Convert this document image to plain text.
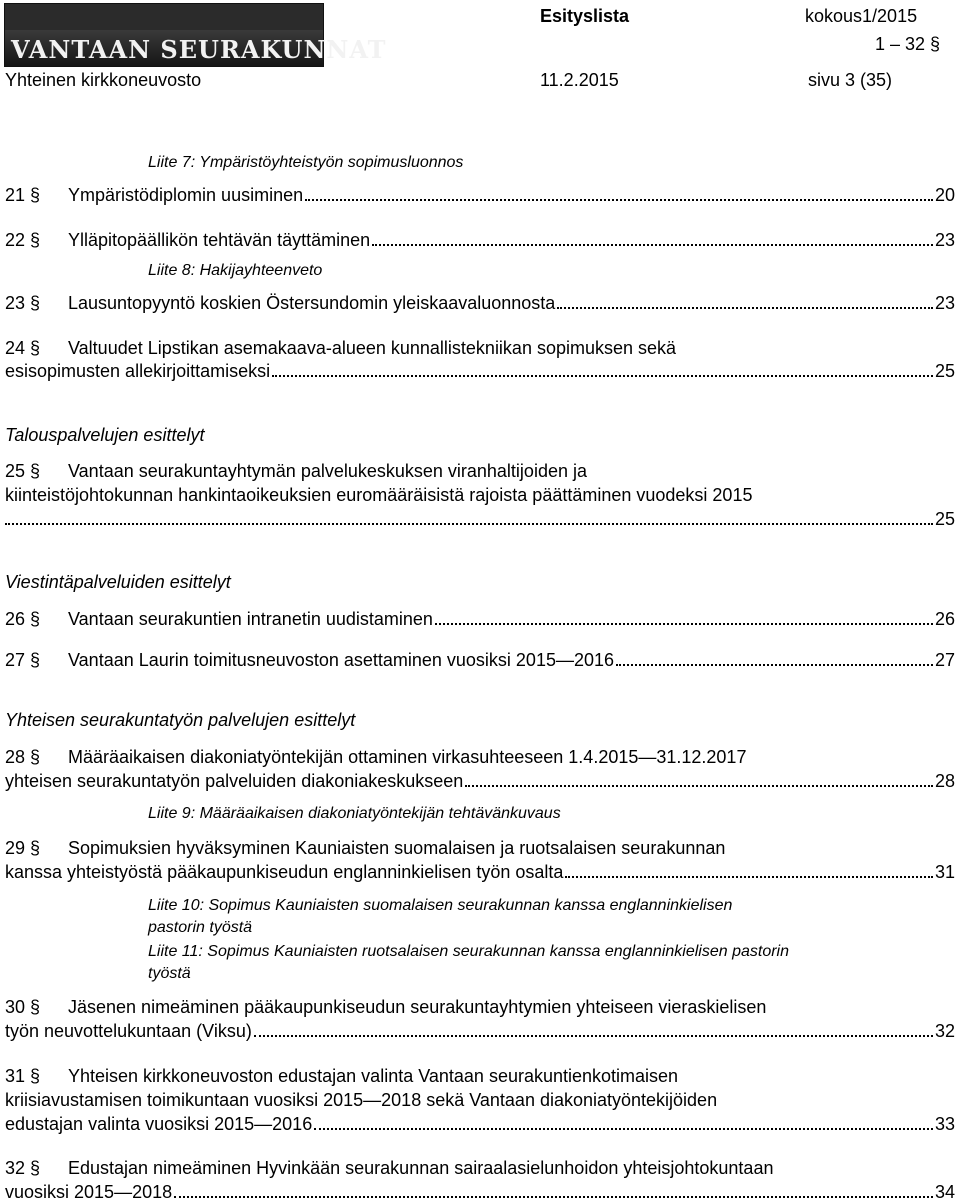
VANTAAN SEURAKUNNAT
Esityslista	kokous1/2015
1 – 32 §
Yhteinen kirkkoneuvosto	11.2.2015	sivu 3 (35)
Liite 7: Ympäristöyhteistyön sopimusluonnos
21 §	Ympäristödiplomin uusiminen	20
22 §	Ylläpitopäällikön tehtävän täyttäminen	23
Liite 8: Hakijayhteenveto
23 §	Lausuntopyyntö koskien Östersundomin yleiskaavaluonnosta	23
24 § Valtuudet Lipstikan asemakaava-alueen kunnallistekniikan sopimuksen sekä
esisopimusten allekirjoittamiseksi	25
Talouspalvelujen esittelyt
25 § Vantaan seurakuntayhtymän palvelukeskuksen viranhaltijoiden ja
kiinteistöjohtokunnan hankintaoikeuksien euromääräisistä rajoista päättäminen vuodeksi 2015
25
Viestintäpalveluiden esittelyt
26 §	Vantaan seurakuntien intranetin uudistaminen	26
27 §	Vantaan Laurin toimitusneuvoston asettaminen vuosiksi 2015—2016	27
Yhteisen seurakuntatyön palvelujen esittelyt
28 § Määräaikaisen diakoniatyöntekijän ottaminen virkasuhteeseen 1.4.2015—31.12.2017
yhteisen seurakuntatyön palveluiden diakoniakeskukseen	28
Liite 9: Määräaikaisen diakoniatyöntekijän tehtävänkuvaus
29 § Sopimuksien hyväksyminen Kauniaisten suomalaisen ja ruotsalaisen seurakunnan
kanssa yhteistyöstä pääkaupunkiseudun englanninkielisen työn osalta	31
Liite 10: Sopimus Kauniaisten suomalaisen seurakunnan kanssa englanninkielisen
pastorin työstä
Liite 11: Sopimus Kauniaisten ruotsalaisen seurakunnan kanssa englanninkielisen pastorin
työstä
30 § Jäsenen nimeäminen pääkaupunkiseudun seurakuntayhtymien yhteiseen vieraskielisen
työn neuvottelukuntaan (Viksu)	32
31 § Yhteisen kirkkoneuvoston edustajan valinta Vantaan seurakuntienkotimaisen
kriisiavustamisen toimikuntaan vuosiksi 2015—2018 sekä Vantaan diakoniatyöntekijöiden
edustajan valinta vuosiksi 2015—2016	33
32 § Edustajan nimeäminen Hyvinkään seurakunnan sairaalasielunhoidon yhteisjohtokuntaan
vuosiksi 2015—2018	34
